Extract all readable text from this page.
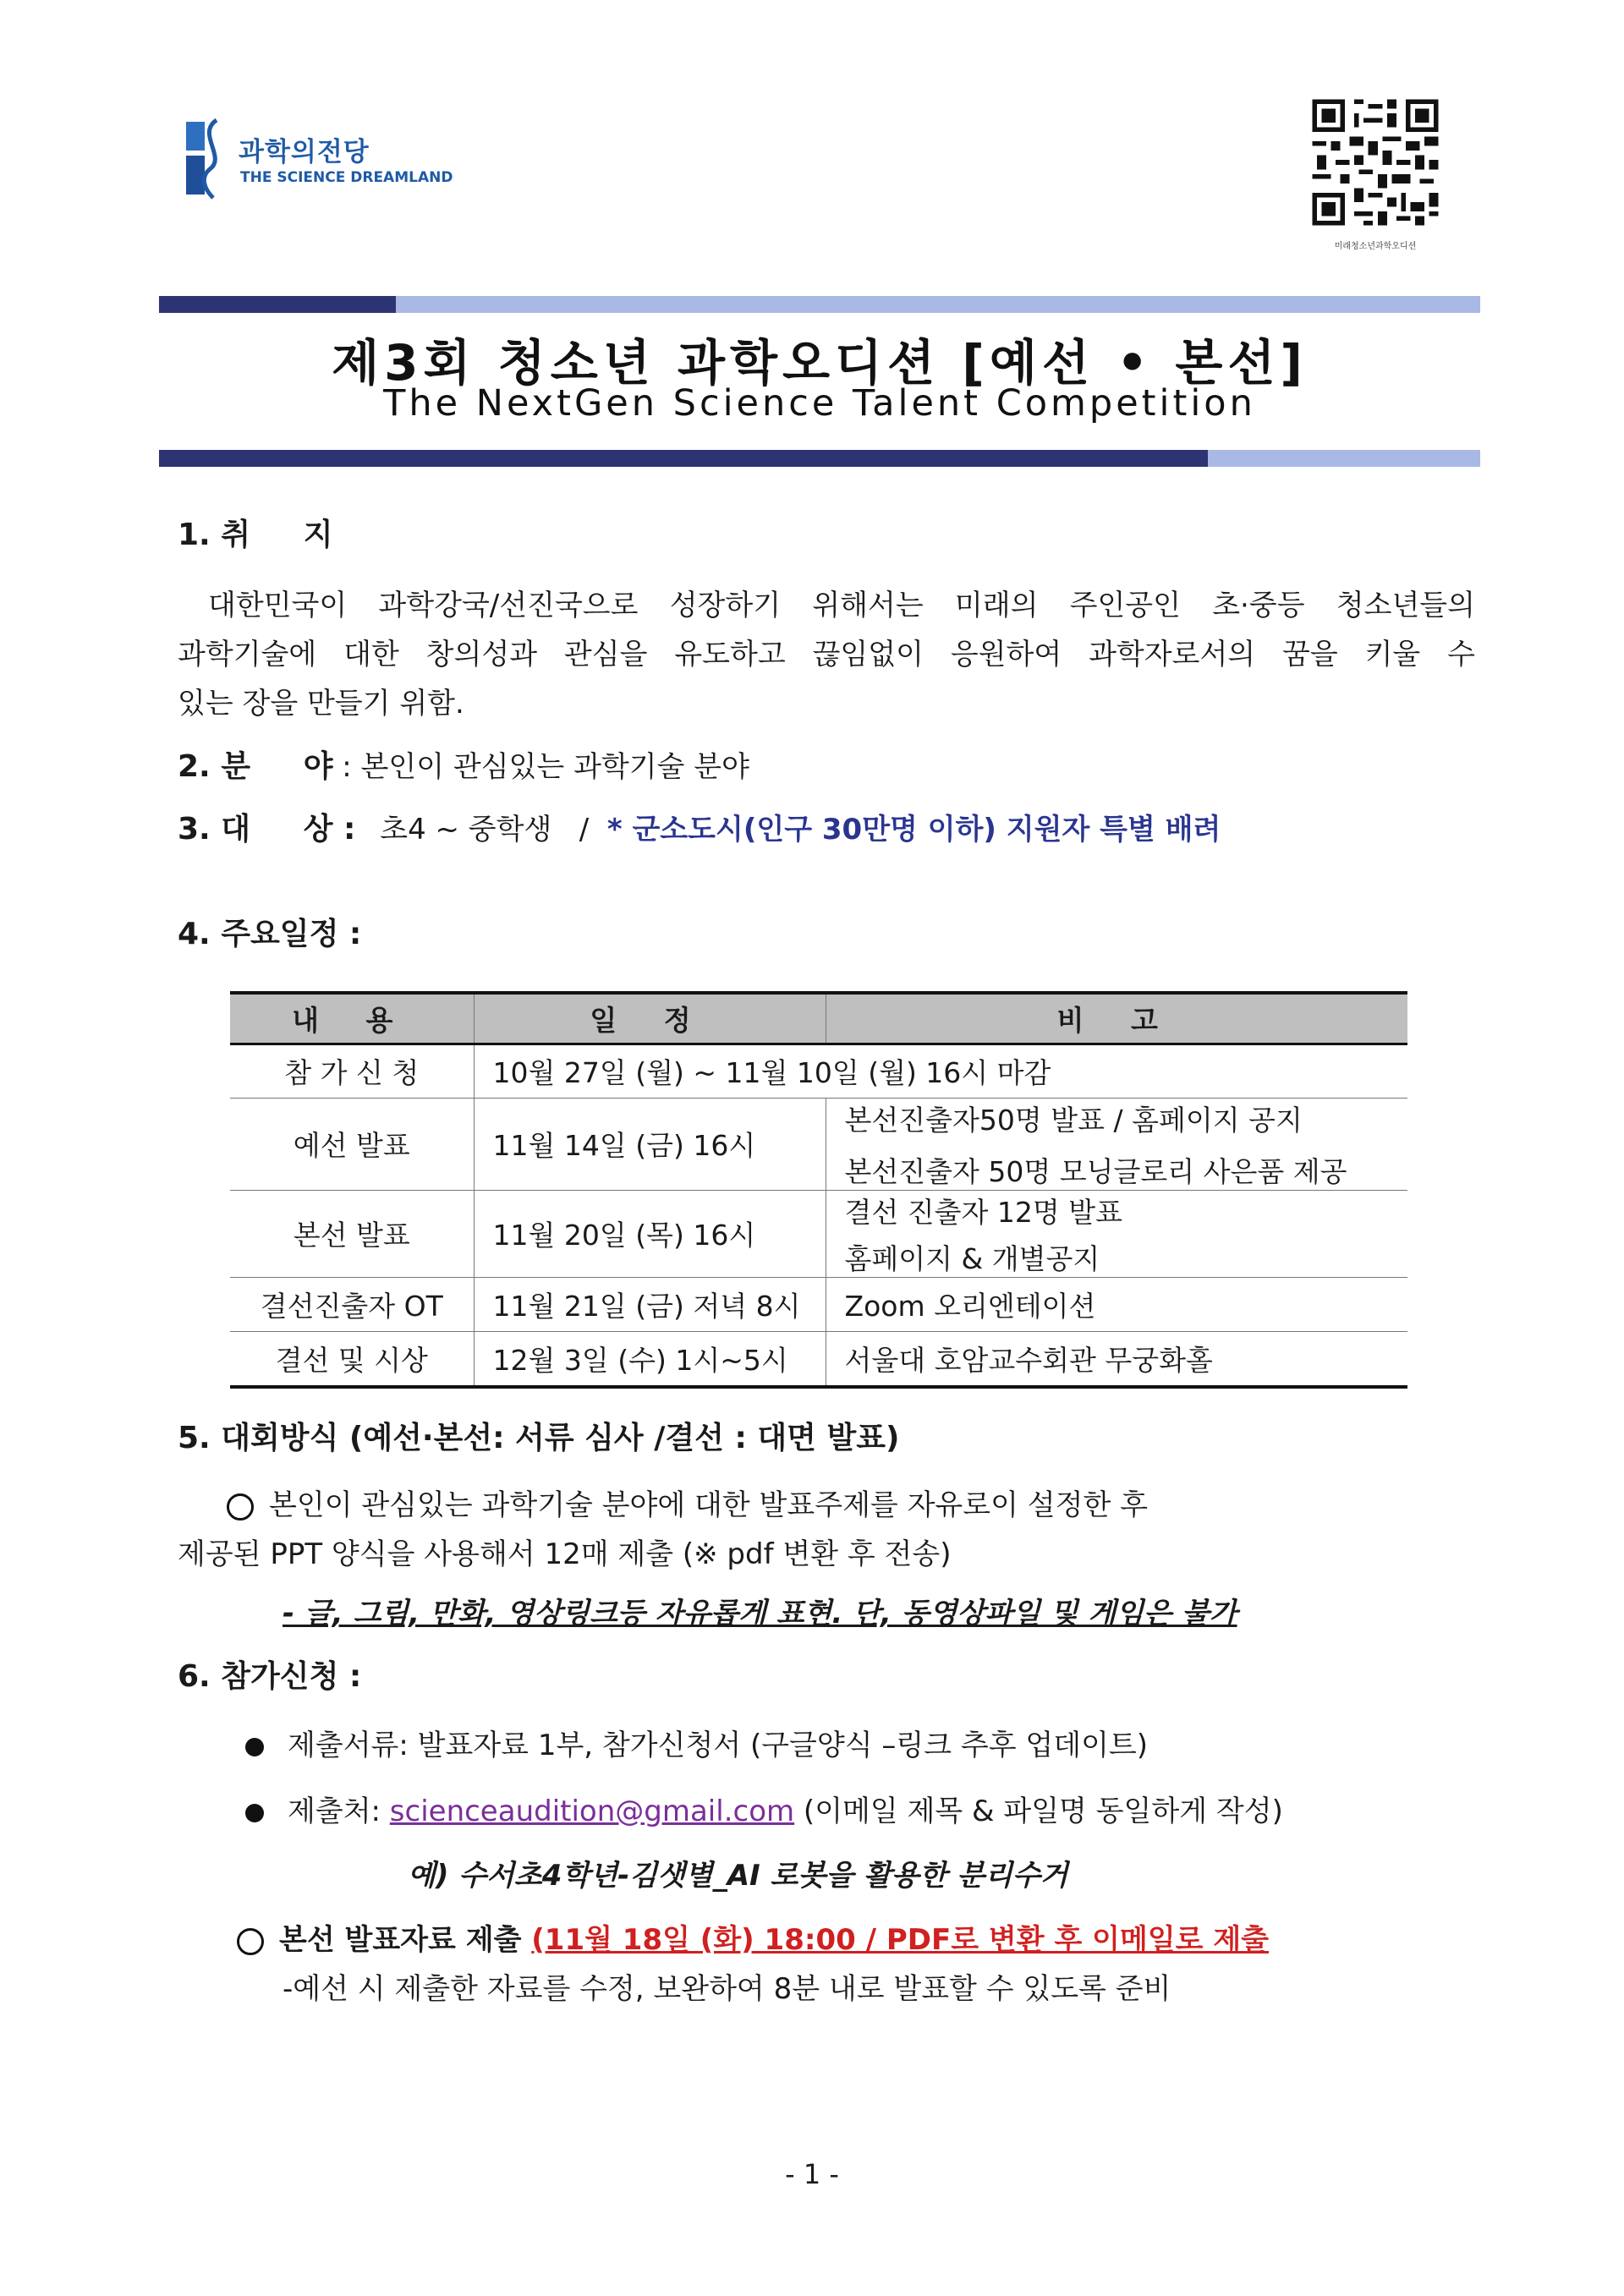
과학의전당
THE SCIENCE DREAMLAND
미래청소년과학오디션
제3회 청소년 과학오디션 [예선 • 본선]
The NextGen Science Talent Competition
1. 취     지
대한민국이 과학강국/선진국으로 성장하기 위해서는 미래의 주인공인 초·중등 청소년들의
과학기술에 대한 창의성과 관심을 유도하고 끊임없이 응원하여 과학자로서의 꿈을 키울 수
있는 장을 만들기 위함.
2. 분     야 : 본인이 관심있는 과학기술 분야
3. 대     상 : 초4 ~ 중학생   /  * 군소도시(인구 30만명 이하) 지원자 특별 배려
4. 주요일정 :
내 용	일 정	비 고
참 가 신 청	10월 27일 (월) ~ 11월 10일 (월) 16시 마감	
예선 발표	11월 14일 (금) 16시	본선진출자50명 발표 / 홈페이지 공지
본선진출자 50명 모닝글로리 사은품 제공

본선 발표	11월 20일 (목) 16시	결선 진출자 12명 발표
홈페이지 & 개별공지

결선진출자 OT	11월 21일 (금) 저녁 8시	Zoom 오리엔테이션
결선 및 시상	12월 3일 (수) 1시~5시	서울대 호암교수회관 무궁화홀
5. 대회방식 (예선·본선: 서류 심사 /결선 : 대면 발표)
본인이 관심있는 과학기술 분야에 대한 발표주제를 자유로이 설정한 후
제공된 PPT 양식을 사용해서 12매 제출 (※ pdf 변환 후 전송)
- 글, 그림, 만화, 영상링크등 자유롭게 표현. 단, 동영상파일 및 게임은 불가
6. 참가신청 :
제출서류: 발표자료 1부, 참가신청서 (구글양식 –링크 추후 업데이트)
제출처: scienceaudition@gmail.com (이메일 제목 & 파일명 동일하게 작성)
예) 수서초4학년-김샛별_AI 로봇을 활용한 분리수거
본선 발표자료 제출 (11월 18일 (화) 18:00 / PDF로 변환 후 이메일로 제출
-예선 시 제출한 자료를 수정, 보완하여 8분 내로 발표할 수 있도록 준비
- 1 -
